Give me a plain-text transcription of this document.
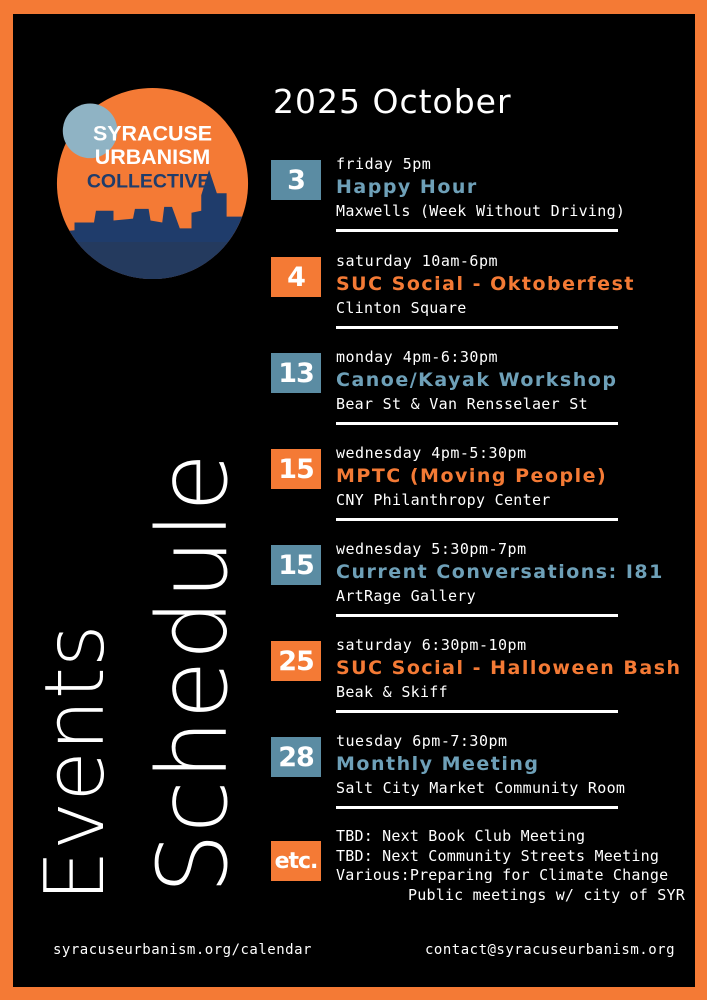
2025 October
SYRACUSE
URBANISM
COLLECTIVE
Events Schedule
3
friday 5pm
Happy Hour
Maxwells (Week Without Driving)
4
saturday 10am-6pm
SUC Social - Oktoberfest
Clinton Square
13
monday 4pm-6:30pm
Canoe/Kayak Workshop
Bear St & Van Rensselaer St
15
wednesday 4pm-5:30pm
MPTC (Moving People)
CNY Philanthropy Center
15
wednesday 5:30pm-7pm
Current Conversations: I81
ArtRage Gallery
25
saturday 6:30pm-10pm
SUC Social - Halloween Bash
Beak & Skiff
28
tuesday 6pm-7:30pm
Monthly Meeting
Salt City Market Community Room
etc.
TBD: Next Book Club Meeting
TBD: Next Community Streets Meeting
Various:Preparing for Climate Change
Public meetings w/ city of SYR
syracuseurbanism.org/calendar	contact@syracuseurbanism.org
